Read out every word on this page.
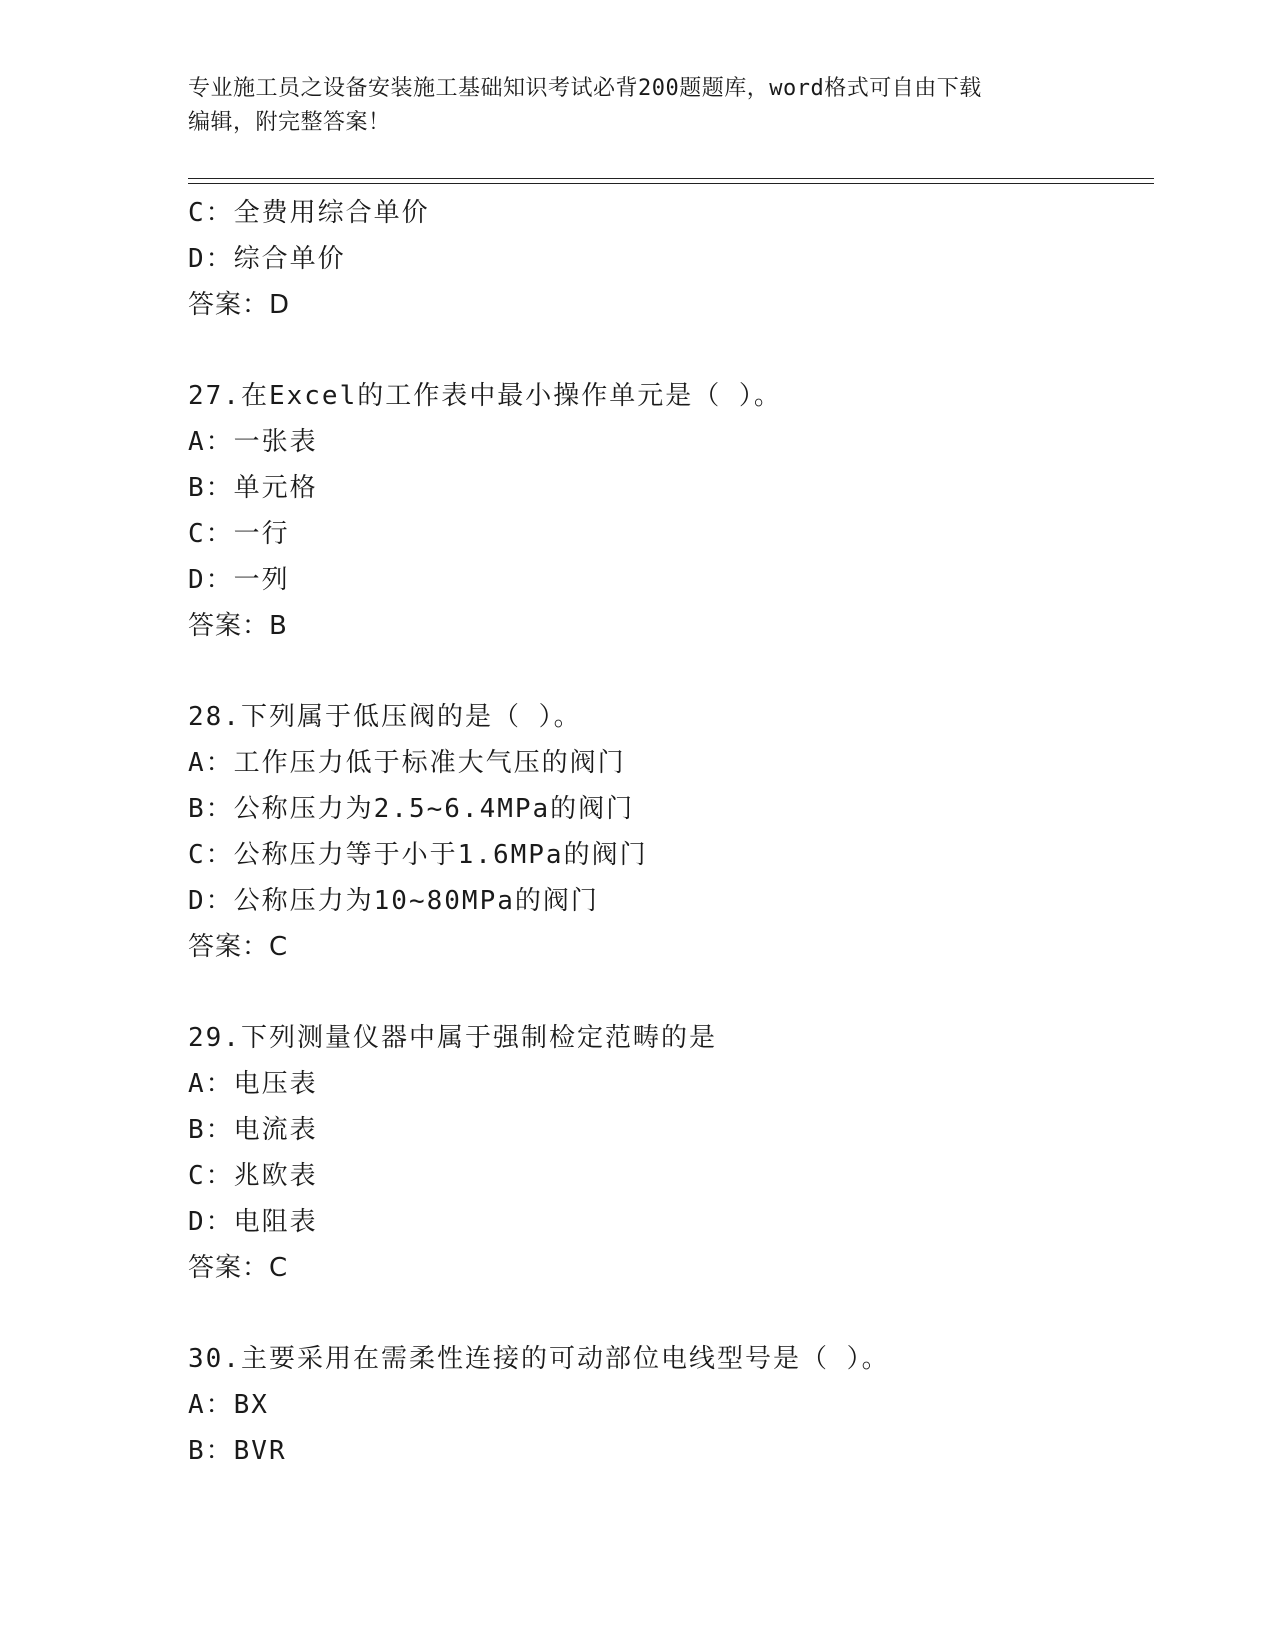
专业施工员之设备安装施工基础知识考试必背200题题库，word格式可自由下载
编辑，附完整答案！
C：全费用综合单价
D：综合单价
答案：D
27.在Excel的工作表中最小操作单元是（ ）。
A：一张表
B：单元格
C：一行
D：一列
答案：B
28.下列属于低压阀的是（ ）。
A：工作压力低于标准大气压的阀门
B：公称压力为2.5~6.4MPa的阀门
C：公称压力等于小于1.6MPa的阀门
D：公称压力为10~80MPa的阀门
答案：C
29.下列测量仪器中属于强制检定范畴的是
A：电压表
B：电流表
C：兆欧表
D：电阻表
答案：C
30.主要采用在需柔性连接的可动部位电线型号是（ ）。
A：BX
B：BVR
